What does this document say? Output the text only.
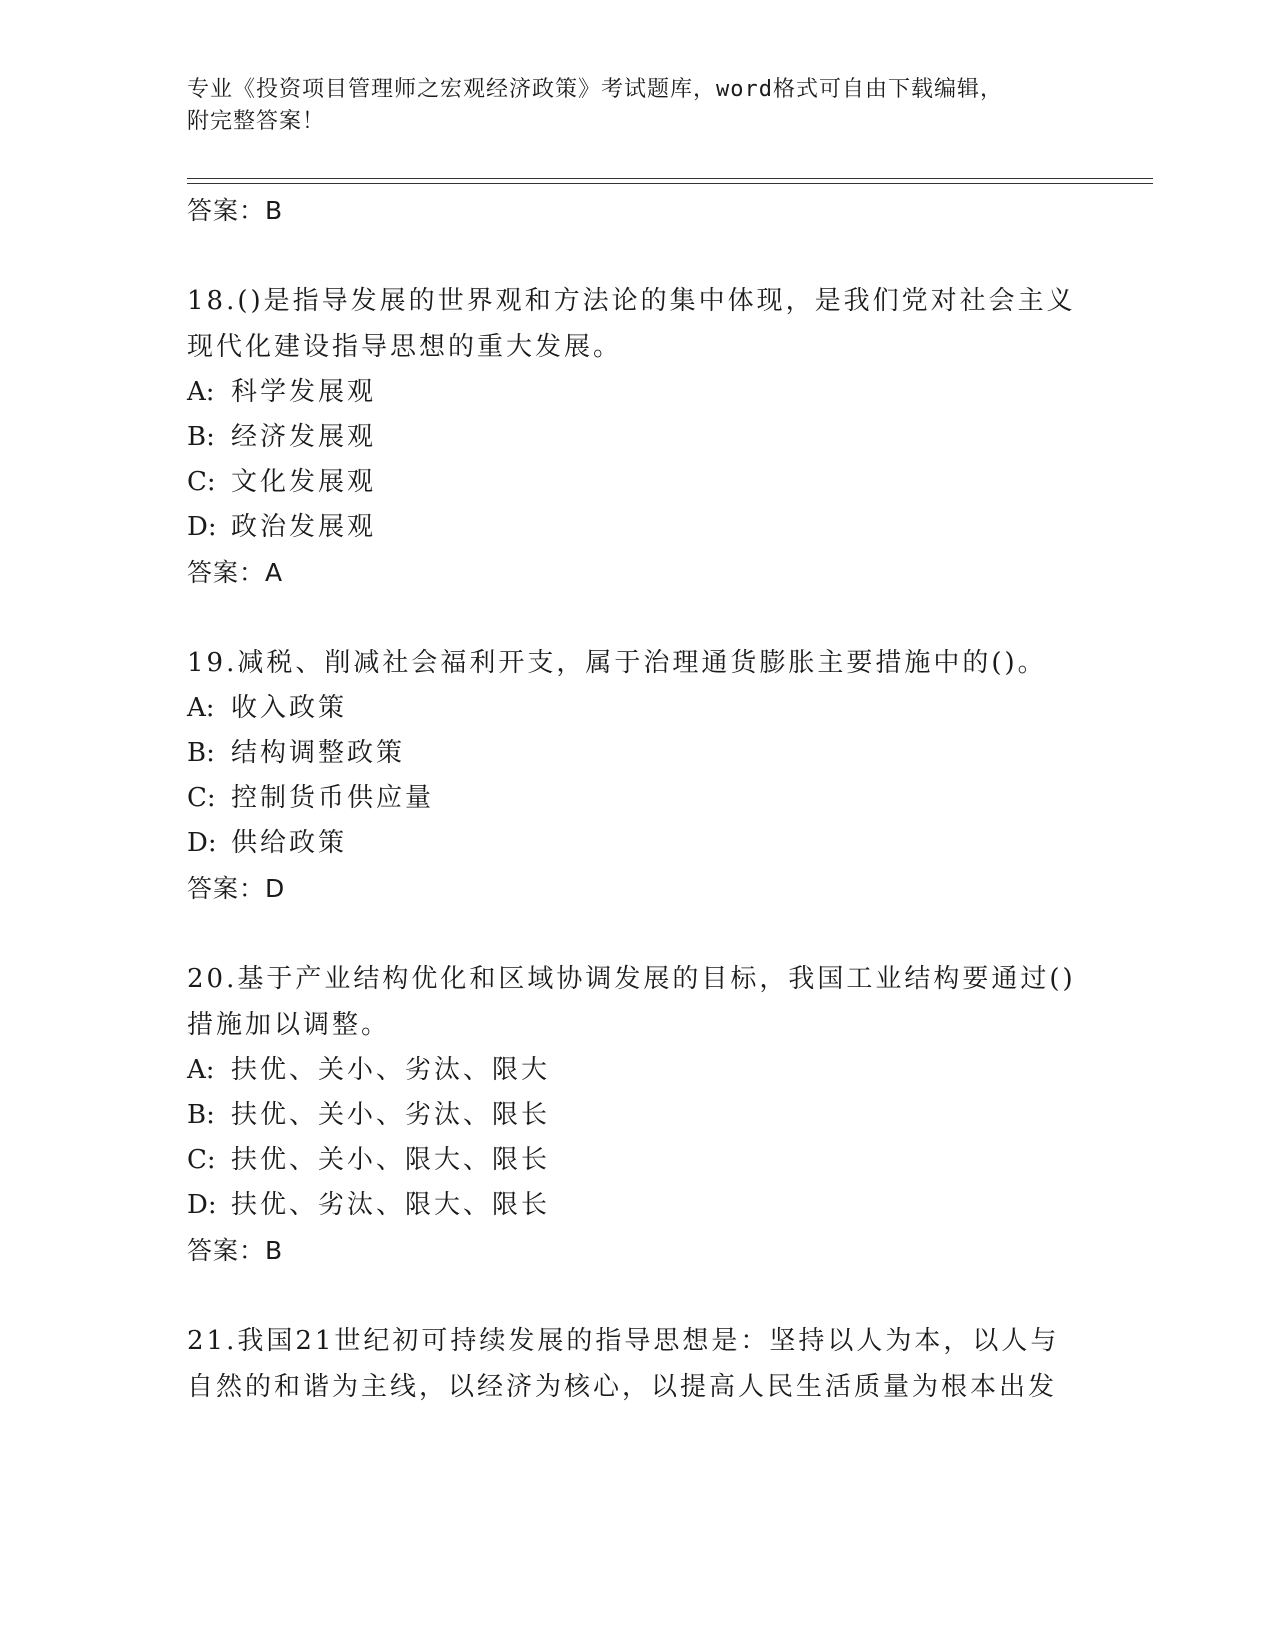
专业《投资项目管理师之宏观经济政策》考试题库，word格式可自由下载编辑，
附完整答案！
答案：B
18.()是指导发展的世界观和方法论的集中体现，是我们党对社会主义现代化建设指导思想的重大发展。
A: 科学发展观
B: 经济发展观
C: 文化发展观
D: 政治发展观
答案：A
19.减税、削减社会福利开支，属于治理通货膨胀主要措施中的()。
A: 收入政策
B: 结构调整政策
C: 控制货币供应量
D: 供给政策
答案：D
20.基于产业结构优化和区域协调发展的目标，我国工业结构要通过()措施加以调整。
A: 扶优、关小、劣汰、限大
B: 扶优、关小、劣汰、限长
C: 扶优、关小、限大、限长
D: 扶优、劣汰、限大、限长
答案：B
21.我国21世纪初可持续发展的指导思想是：坚持以人为本，以人与自然的和谐为主线，以经济为核心，以提高人民生活质量为根本出发
